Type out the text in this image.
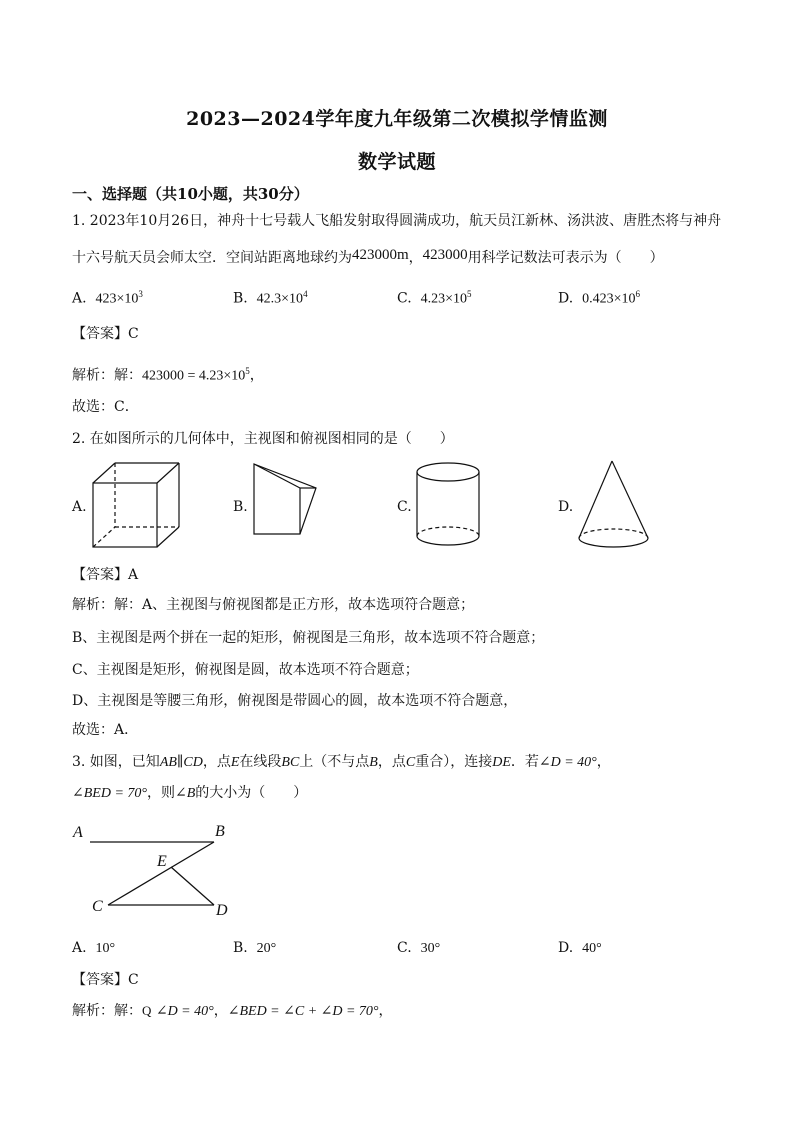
2023—2024学年度九年级第二次模拟学情监测
数学试题
一、选择题（共10小题，共30分）
1. 2023年10月26日，神舟十七号载人飞船发射取得圆满成功，航天员江新林、汤洪波、唐胜杰将与神舟
十六号航天员会师太空．空间站距离地球约为423000m，423000用科学记数法可表示为（　　）
A. $423\times 10^3$	B. $42.3\times 10^4$	C. $4.23\times 10^5$	D. $0.423\times 10^6$
【答案】C
解析：解：$423000 = 4.23\times 10^5$，
故选：C．
2. 在如图所示的几何体中，主视图和俯视图相同的是（　　）
A.	B.	C.	D.
【答案】A
解析：解：A、主视图与俯视图都是正方形，故本选项符合题意；
B、主视图是两个拼在一起的矩形，俯视图是三角形，故本选项不符合题意；
C、主视图是矩形，俯视图是圆，故本选项不符合题意；
D、主视图是等腰三角形，俯视图是带圆心的圆，故本选项不符合题意，
故选：A．
3. 如图，已知AB∥CD，点E在线段BC上（不与点B，点C重合），连接DE．若∠D = 40°，
∠BED = 70°，则∠B的大小为（　　）
A	B
E
C	D
A. 10°	B. 20°	C. 30°	D. 40°
【答案】C
解析：解：Q ∠D = 40°，∠BED = ∠C + ∠D = 70°，
